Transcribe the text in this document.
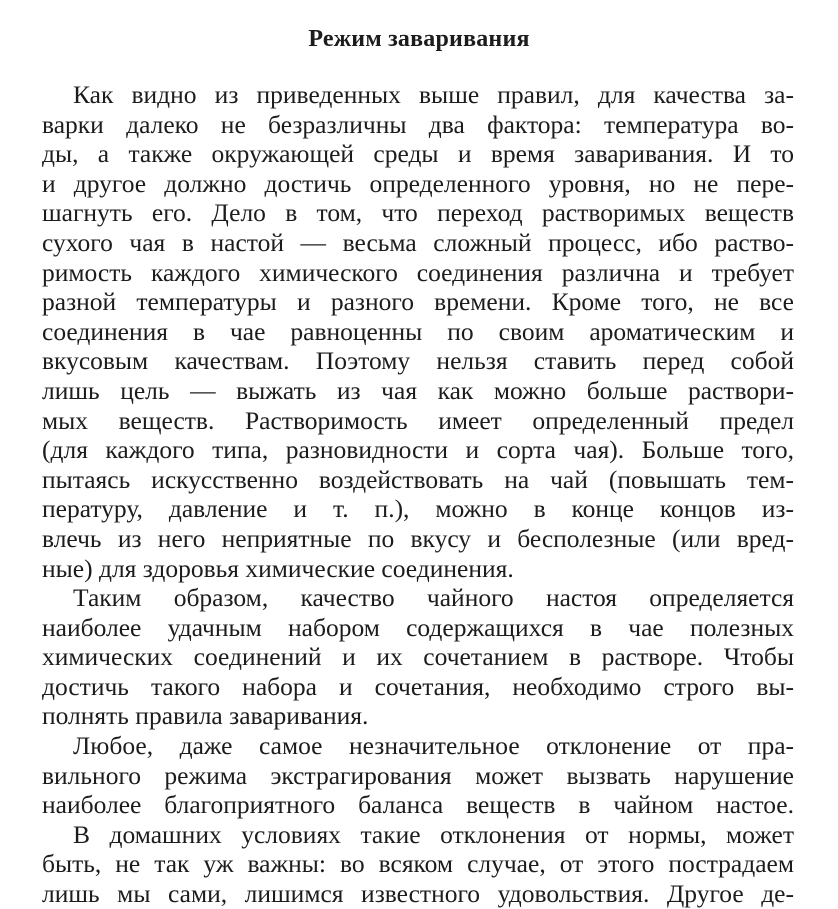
Режим заваривания
Как видно из приведенных выше правил, для качества за-
варки далеко не безразличны два фактора: температура во-
ды, а также окружающей среды и время заваривания. И то
и другое должно достичь определенного уровня, но не пере-
шагнуть его. Дело в том, что переход растворимых веществ
сухого чая в настой — весьма сложный процесс, ибо раство-
римость каждого химического соединения различна и требует
разной температуры и разного времени. Кроме того, не все
соединения в чае равноценны по своим ароматическим и
вкусовым качествам. Поэтому нельзя ставить перед собой
лишь цель — выжать из чая как можно больше раствори-
мых веществ. Растворимость имеет определенный предел
(для каждого типа, разновидности и сорта чая). Больше того,
пытаясь искусственно воздействовать на чай (повышать тем-
пературу, давление и т. п.), можно в конце концов из-
влечь из него неприятные по вкусу и бесполезные (или вред-
ные) для здоровья химические соединения.
Таким образом, качество чайного настоя определяется
наиболее удачным набором содержащихся в чае полезных
химических соединений и их сочетанием в растворе. Чтобы
достичь такого набора и сочетания, необходимо строго вы-
полнять правила заваривания.
Любое, даже самое незначительное отклонение от пра-
вильного режима экстрагирования может вызвать нарушение
наиболее благоприятного баланса веществ в чайном настое.
В домашних условиях такие отклонения от нормы, может
быть, не так уж важны: во всяком случае, от этого пострадаем
лишь мы сами, лишимся известного удовольствия. Другое де-
